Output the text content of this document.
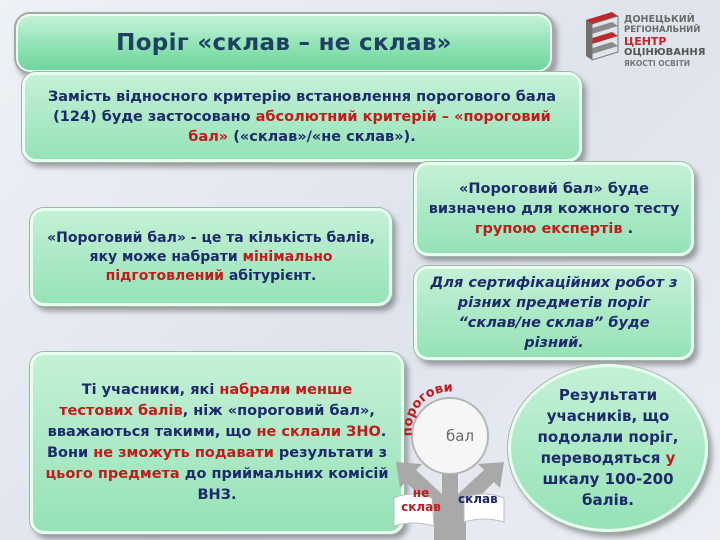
Поріг «склав – не склав»
ДОНЕЦЬКИЙ
РЕГІОНАЛЬНИЙ
ЦЕНТР
ОЦІНЮВАННЯ
ЯКОСТІ ОСВІТИ

Замість відносного критерію встановлення порогового бала (124) буде застосовано абсолютний критерій – «пороговий бал» («склав»/«не склав»).

«Пороговий бал» - це та кількість балів, яку може набрати мінімально підготовлений абітурієнт.

«Пороговий бал» буде визначено для кожного тесту групою експертів .

Для сертифікаційних робот з різних предметів поріг “склав/не склав” буде різний.

Ті учасники, які набрали менше тестових балів, ніж «пороговий бал», вважаються такими, що не склали ЗНО. Вони не зможуть подавати результати з цього предмета до приймальних комісій ВНЗ.

Результати учасників, що подолали поріг, переводяться у шкалу 100-200 балів.

порогови
бал
не
склав
склав
